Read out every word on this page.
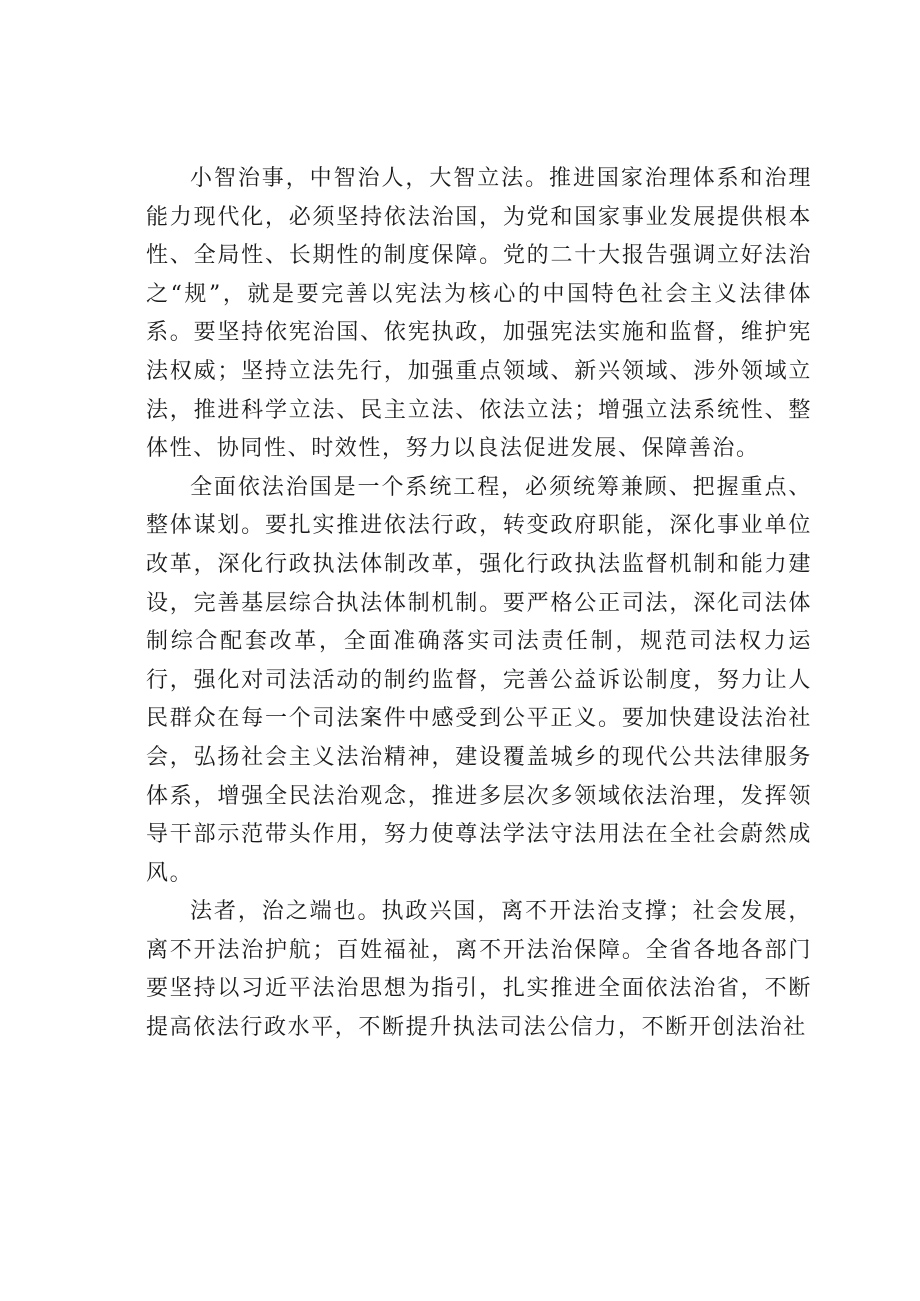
小智治事，中智治人，大智立法。推进国家治理体系和治理能力现代化，必须坚持依法治国，为党和国家事业发展提供根本性、全局性、长期性的制度保障。党的二十大报告强调立好法治之“规”，就是要完善以宪法为核心的中国特色社会主义法律体系。要坚持依宪治国、依宪执政，加强宪法实施和监督，维护宪法权威；坚持立法先行，加强重点领域、新兴领域、涉外领域立法，推进科学立法、民主立法、依法立法；增强立法系统性、整体性、协同性、时效性，努力以良法促进发展、保障善治。

全面依法治国是一个系统工程，必须统筹兼顾、把握重点、整体谋划。要扎实推进依法行政，转变政府职能，深化事业单位改革，深化行政执法体制改革，强化行政执法监督机制和能力建设，完善基层综合执法体制机制。要严格公正司法，深化司法体制综合配套改革，全面准确落实司法责任制，规范司法权力运行，强化对司法活动的制约监督，完善公益诉讼制度，努力让人民群众在每一个司法案件中感受到公平正义。要加快建设法治社会，弘扬社会主义法治精神，建设覆盖城乡的现代公共法律服务体系，增强全民法治观念，推进多层次多领域依法治理，发挥领导干部示范带头作用，努力使尊法学法守法用法在全社会蔚然成风。

法者，治之端也。执政兴国，离不开法治支撑；社会发展，离不开法治护航；百姓福祉，离不开法治保障。全省各地各部门要坚持以习近平法治思想为指引，扎实推进全面依法治省，不断提高依法行政水平，不断提升执法司法公信力，不断开创法治社
